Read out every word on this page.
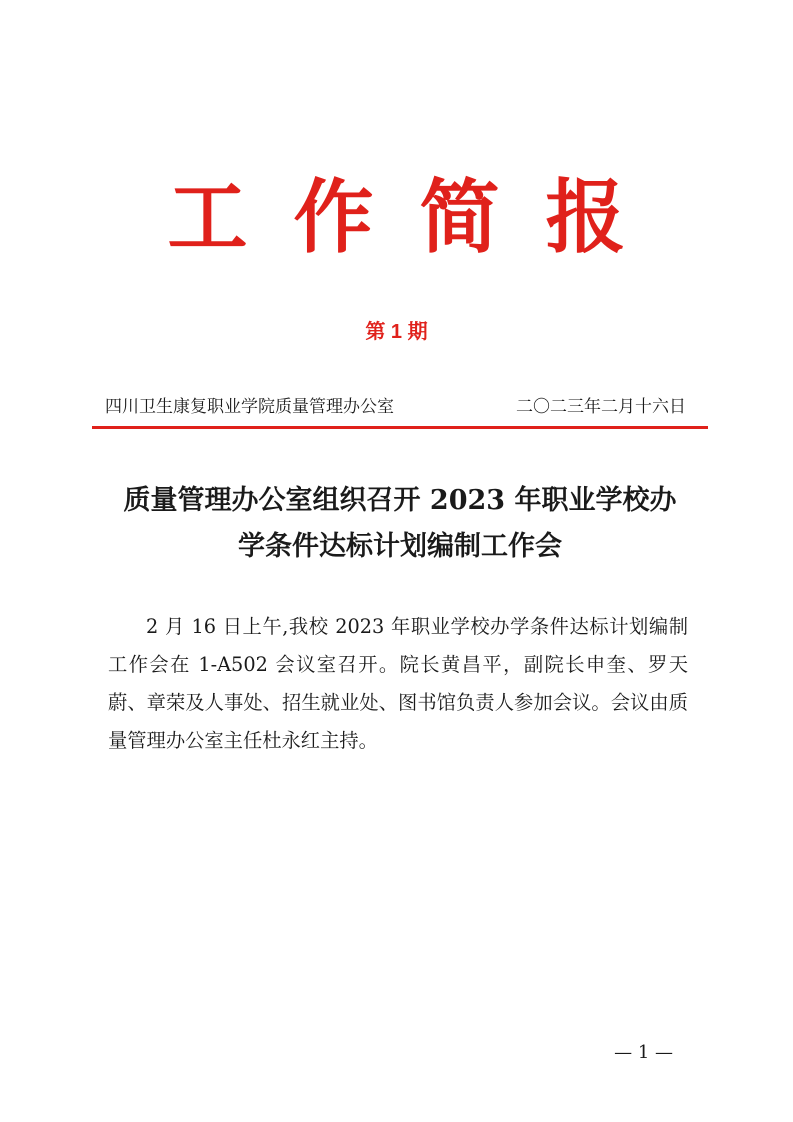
工作简报
第 1 期
四川卫生康复职业学院质量管理办公室	二〇二三年二月十六日
质量管理办公室组织召开 2023 年职业学校办
学条件达标计划编制工作会

2 月 16 日上午,我校 2023 年职业学校办学条件达标计划编制工作会在 1-A502 会议室召开。院长黄昌平，副院长申奎、罗天蔚、章荣及人事处、招生就业处、图书馆负责人参加会议。会议由质量管理办公室主任杜永红主持。

— 1 —
